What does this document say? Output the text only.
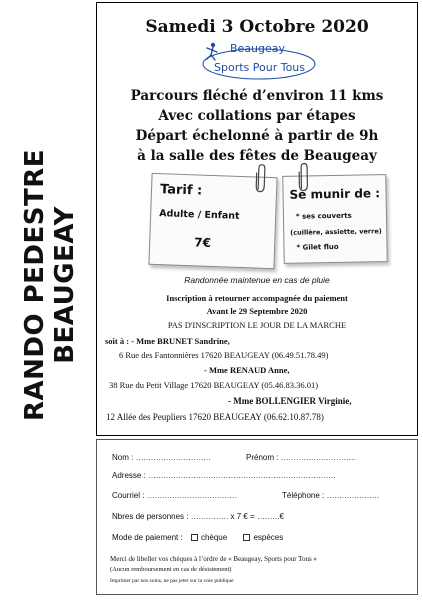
RANDO PEDESTRE BEAUGEAY
Samedi 3 Octobre 2020
Beaugeay
Sports Pour Tous
Parcours fléché d’environ 11 kms
Avec collations par étapes
Départ échelonné à partir de 9h
à la salle des fêtes de Beaugeay
Tarif :
Adulte / Enfant
7€
Se munir de :
* ses couverts
(cuillère, assiette, verre)
* Gilet fluo
Randonnée maintenue en cas de pluie
Inscription à retourner accompagnée du paiement
Avant le 29 Septembre 2020
PAS D'INSCRIPTION LE JOUR DE LA MARCHE
soit à : - Mme BRUNET Sandrine,
6 Rue des Fantonnières 17620 BEAUGEAY (06.49.51.78.49)
- Mme RENAUD Anne,
38 Rue du Petit Village 17620 BEAUGEAY (05.46.83.36.01)
- Mme BOLLENGIER Virginie,
12 Allée des Peupliers 17620 BEAUGEAY (06.62.10.87.78)
Nom : …………………………	Prénom : …………………………
Adresse : …………………………………………………………………
Courriel : ………………………………	Téléphone : …………………
Nbres de personnes : …………… x 7 € = ………€
Mode de paiement : chèque	espèces
Merci de libeller vos chèques à l’ordre de « Beaugeay, Sports pour Tous »
(Aucun remboursement en cas de désistement)
Imprimer par nos soins, ne pas jeter sur la voie publique
